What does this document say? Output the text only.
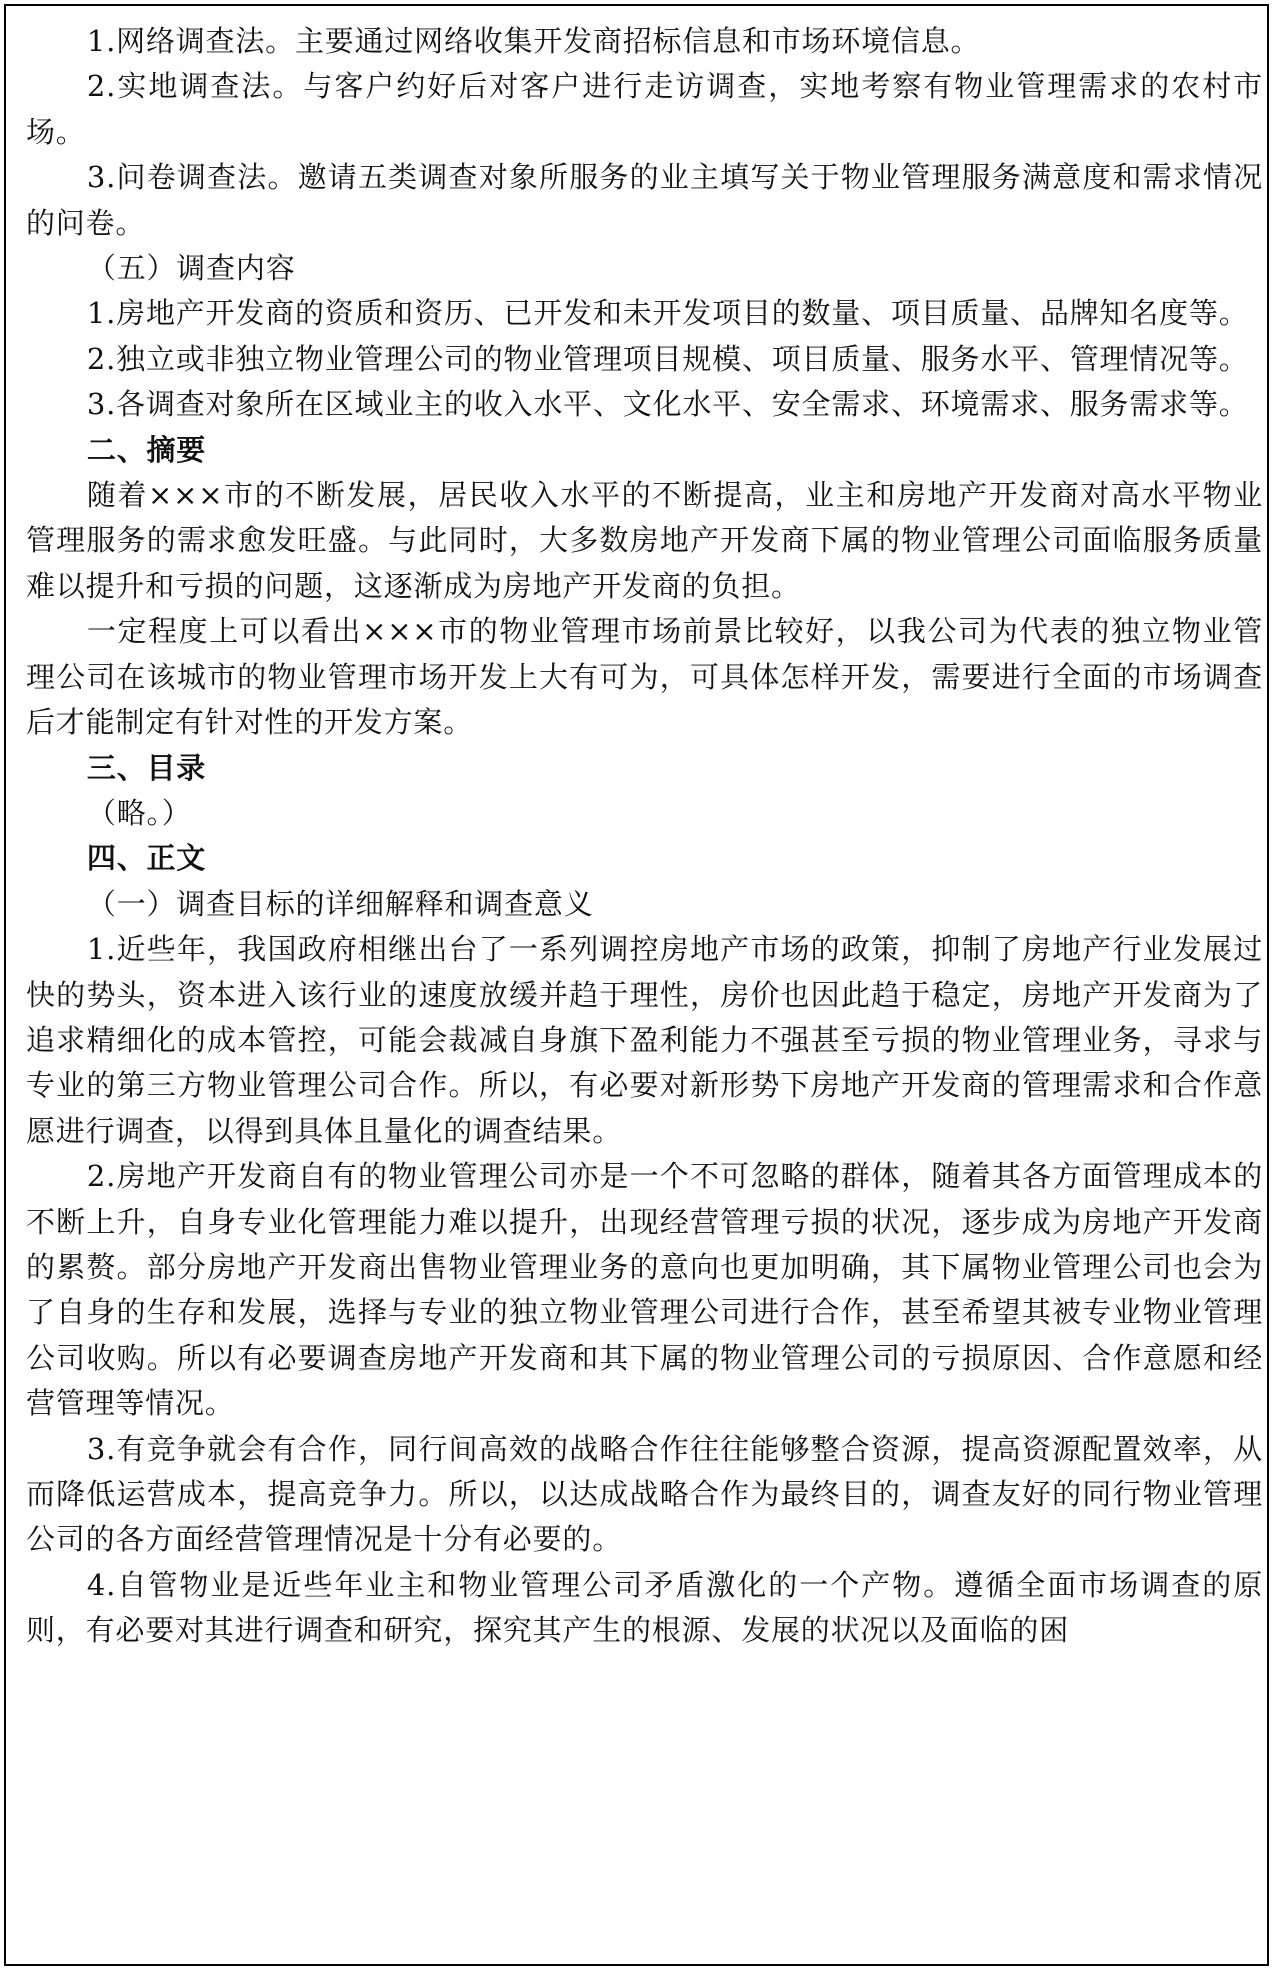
1.网络调查法。主要通过网络收集开发商招标信息和市场环境信息。

2.实地调查法。与客户约好后对客户进行走访调查，实地考察有物业管理需求的农村市场。

3.问卷调查法。邀请五类调查对象所服务的业主填写关于物业管理服务满意度和需求情况的问卷。

（五）调查内容

1.房地产开发商的资质和资历、已开发和未开发项目的数量、项目质量、品牌知名度等。

2.独立或非独立物业管理公司的物业管理项目规模、项目质量、服务水平、管理情况等。

3.各调查对象所在区域业主的收入水平、文化水平、安全需求、环境需求、服务需求等。

二、摘要

随着×××市的不断发展，居民收入水平的不断提高，业主和房地产开发商对高水平物业管理服务的需求愈发旺盛。与此同时，大多数房地产开发商下属的物业管理公司面临服务质量难以提升和亏损的问题，这逐渐成为房地产开发商的负担。

一定程度上可以看出×××市的物业管理市场前景比较好，以我公司为代表的独立物业管理公司在该城市的物业管理市场开发上大有可为，可具体怎样开发，需要进行全面的市场调查后才能制定有针对性的开发方案。

三、目录

（略。）

四、正文

（一）调查目标的详细解释和调查意义

1.近些年，我国政府相继出台了一系列调控房地产市场的政策，抑制了房地产行业发展过快的势头，资本进入该行业的速度放缓并趋于理性，房价也因此趋于稳定，房地产开发商为了追求精细化的成本管控，可能会裁减自身旗下盈利能力不强甚至亏损的物业管理业务，寻求与专业的第三方物业管理公司合作。所以，有必要对新形势下房地产开发商的管理需求和合作意愿进行调查，以得到具体且量化的调查结果。

2.房地产开发商自有的物业管理公司亦是一个不可忽略的群体，随着其各方面管理成本的不断上升，自身专业化管理能力难以提升，出现经营管理亏损的状况，逐步成为房地产开发商的累赘。部分房地产开发商出售物业管理业务的意向也更加明确，其下属物业管理公司也会为了自身的生存和发展，选择与专业的独立物业管理公司进行合作，甚至希望其被专业物业管理公司收购。所以有必要调查房地产开发商和其下属的物业管理公司的亏损原因、合作意愿和经营管理等情况。

3.有竞争就会有合作，同行间高效的战略合作往往能够整合资源，提高资源配置效率，从而降低运营成本，提高竞争力。所以，以达成战略合作为最终目的，调查友好的同行物业管理公司的各方面经营管理情况是十分有必要的。

4.自管物业是近些年业主和物业管理公司矛盾激化的一个产物。遵循全面市场调查的原则，有必要对其进行调查和研究，探究其产生的根源、发展的状况以及面临的困
